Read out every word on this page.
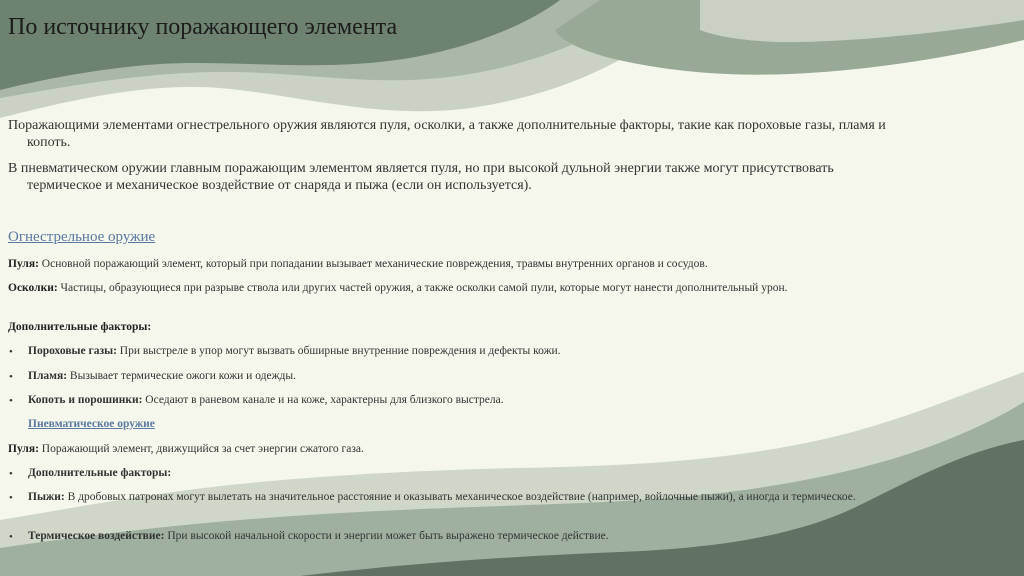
По источнику поражающего элемента

Поражающими элементами огнестрельного оружия являются пуля, осколки, а также дополнительные факторы, такие как пороховые газы, пламя и копоть.

В пневматическом оружии главным поражающим элементом является пуля, но при высокой дульной энергии также могут присутствовать термическое и механическое воздействие от снаряда и пыжа (если он используется).

Огнестрельное оружие

Пуля: Основной поражающий элемент, который при попадании вызывает механические повреждения, травмы внутренних органов и сосудов.

Осколки: Частицы, образующиеся при разрыве ствола или других частей оружия, а также осколки самой пули, которые могут нанести дополнительный урон.

Дополнительные факторы:

• Пороховые газы: При выстреле в упор могут вызвать обширные внутренние повреждения и дефекты кожи.

• Пламя: Вызывает термические ожоги кожи и одежды.

• Копоть и порошинки: Оседают в раневом канале и на коже, характерны для близкого выстрела.

Пневматическое оружие

Пуля: Поражающий элемент, движущийся за счет энергии сжатого газа.

• Дополнительные факторы:

• Пыжи: В дробовых патронах могут вылетать на значительное расстояние и оказывать механическое воздействие (например, войлочные пыжи), а иногда и термическое.

• Термическое воздействие: При высокой начальной скорости и энергии может быть выражено термическое действие.
